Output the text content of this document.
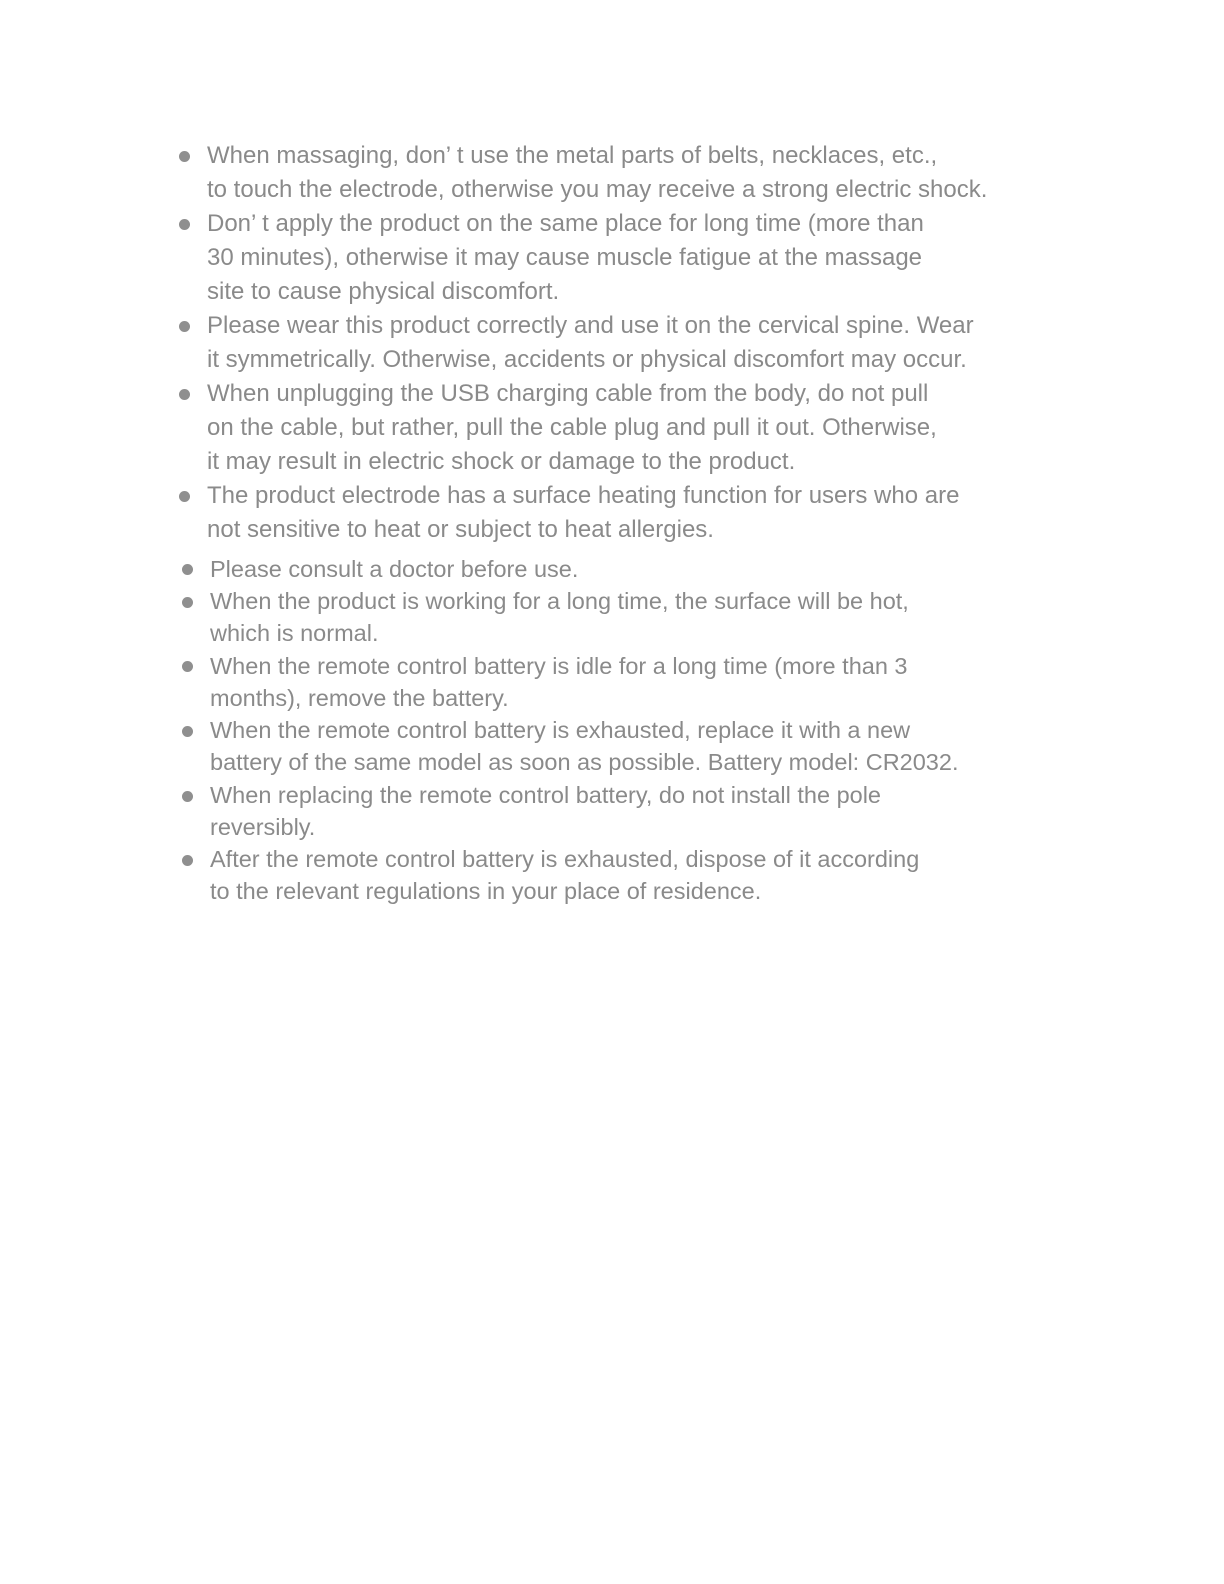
When massaging, don’ t use the metal parts of belts, necklaces, etc.,
to touch the electrode, otherwise you may receive a strong electric shock.
Don’ t apply the product on the same place for long time (more than
30 minutes), otherwise it may cause muscle fatigue at the massage
site to cause physical discomfort.
Please wear this product correctly and use it on the cervical spine. Wear
it symmetrically. Otherwise, accidents or physical discomfort may occur.
When unplugging the USB charging cable from the body, do not pull
on the cable, but rather, pull the cable plug and pull it out. Otherwise,
it may result in electric shock or damage to the product.
The product electrode has a surface heating function for users who are
not sensitive to heat or subject to heat allergies.
Please consult a doctor before use.
When the product is working for a long time, the surface will be hot,
which is normal.
When the remote control battery is idle for a long time (more than 3
months), remove the battery.
When the remote control battery is exhausted, replace it with a new
battery of the same model as soon as possible. Battery model: CR2032.
When replacing the remote control battery, do not install the pole
reversibly.
After the remote control battery is exhausted, dispose of it according
to the relevant regulations in your place of residence.
